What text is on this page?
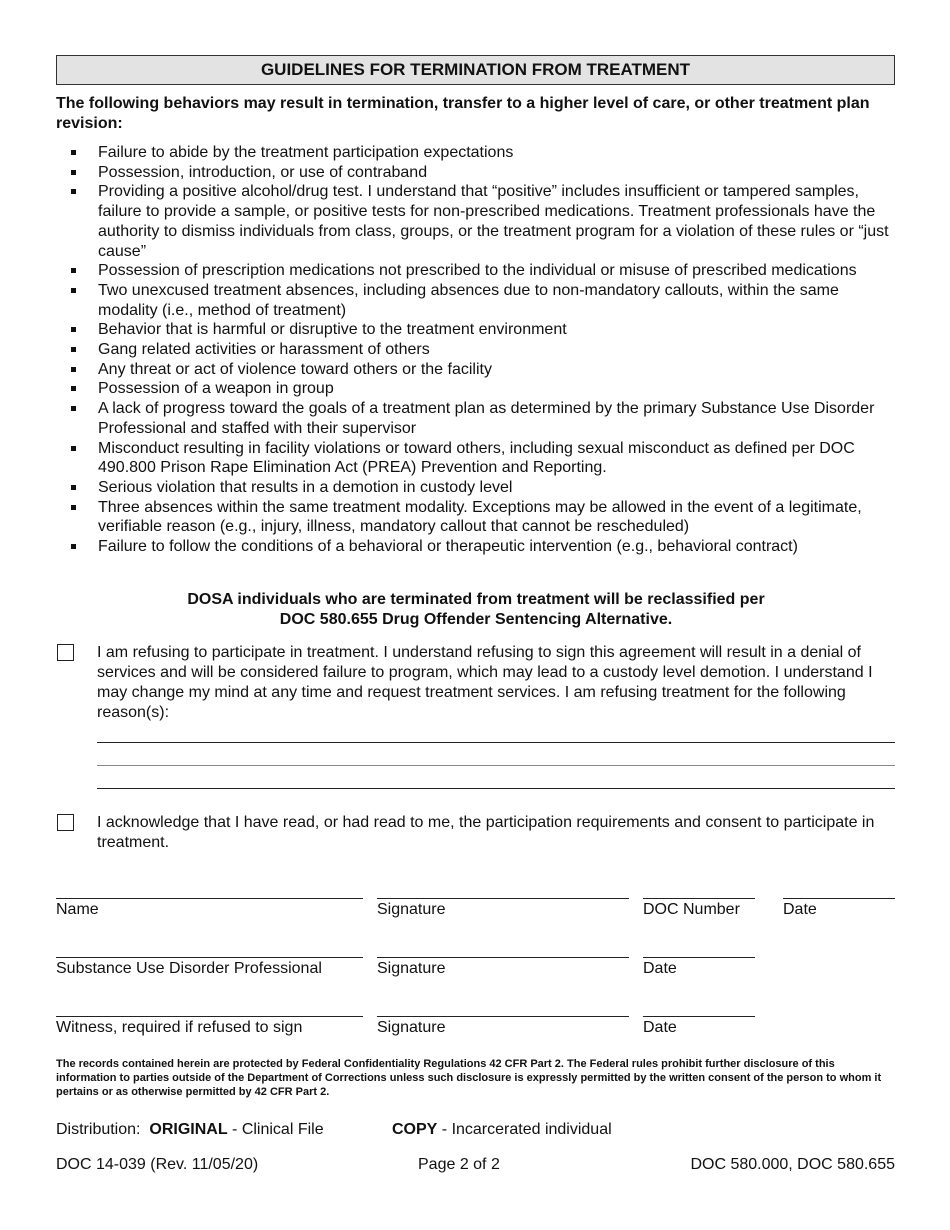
GUIDELINES FOR TERMINATION FROM TREATMENT
The following behaviors may result in termination, transfer to a higher level of care, or other treatment plan revision:
Failure to abide by the treatment participation expectations
Possession, introduction, or use of contraband
Providing a positive alcohol/drug test. I understand that “positive” includes insufficient or tampered samples, failure to provide a sample, or positive tests for non-prescribed medications. Treatment professionals have the authority to dismiss individuals from class, groups, or the treatment program for a violation of these rules or “just cause”
Possession of prescription medications not prescribed to the individual or misuse of prescribed medications
Two unexcused treatment absences, including absences due to non-mandatory callouts, within the same modality (i.e., method of treatment)
Behavior that is harmful or disruptive to the treatment environment
Gang related activities or harassment of others
Any threat or act of violence toward others or the facility
Possession of a weapon in group
A lack of progress toward the goals of a treatment plan as determined by the primary Substance Use Disorder Professional and staffed with their supervisor
Misconduct resulting in facility violations or toward others, including sexual misconduct as defined per DOC 490.800 Prison Rape Elimination Act (PREA) Prevention and Reporting.
Serious violation that results in a demotion in custody level
Three absences within the same treatment modality. Exceptions may be allowed in the event of a legitimate, verifiable reason (e.g., injury, illness, mandatory callout that cannot be rescheduled)
Failure to follow the conditions of a behavioral or therapeutic intervention (e.g., behavioral contract)
DOSA individuals who are terminated from treatment will be reclassified per
DOC 580.655 Drug Offender Sentencing Alternative.
I am refusing to participate in treatment. I understand refusing to sign this agreement will result in a denial of services and will be considered failure to program, which may lead to a custody level demotion. I understand I may change my mind at any time and request treatment services. I am refusing treatment for the following reason(s):
I acknowledge that I have read, or had read to me, the participation requirements and consent to participate in treatment.
Name	Signature	DOC Number	Date
Substance Use Disorder Professional	Signature	Date
Witness, required if refused to sign	Signature	Date
The records contained herein are protected by Federal Confidentiality Regulations 42 CFR Part 2. The Federal rules prohibit further disclosure of this information to parties outside of the Department of Corrections unless such disclosure is expressly permitted by the written consent of the person to whom it pertains or as otherwise permitted by 42 CFR Part 2.
Distribution:  ORIGINAL - Clinical File	COPY - Incarcerated individual
DOC 14-039 (Rev. 11/05/20)	Page 2 of 2	DOC 580.000, DOC 580.655
